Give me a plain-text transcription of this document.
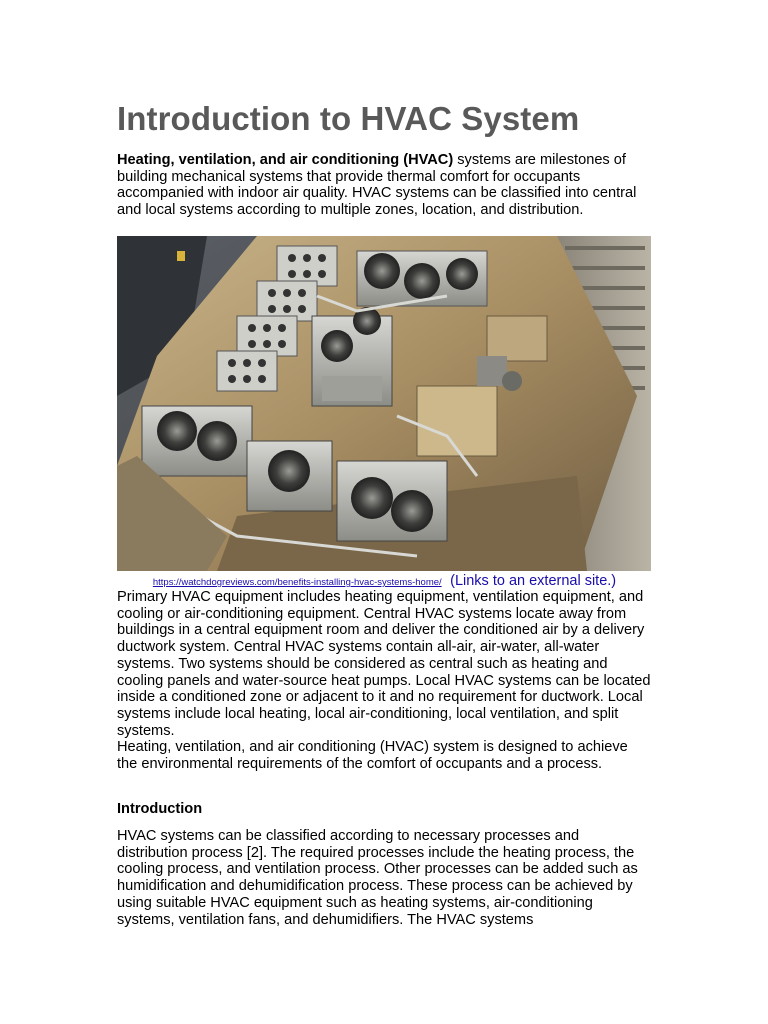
Introduction to HVAC System

Heating, ventilation, and air conditioning (HVAC) systems are milestones of building mechanical systems that provide thermal comfort for occupants accompanied with indoor air quality. HVAC systems can be classified into central and local systems according to multiple zones, location, and distribution.

https://watchdogreviews.com/benefits-installing-hvac-systems-home/ (Links to an external site.)

Primary HVAC equipment includes heating equipment, ventilation equipment, and cooling or air-conditioning equipment. Central HVAC systems locate away from buildings in a central equipment room and deliver the conditioned air by a delivery ductwork system. Central HVAC systems contain all-air, air-water, all-water systems. Two systems should be considered as central such as heating and cooling panels and water-source heat pumps. Local HVAC systems can be located inside a conditioned zone or adjacent to it and no requirement for ductwork. Local systems include local heating, local air-conditioning, local ventilation, and split systems.

Heating, ventilation, and air conditioning (HVAC) system is designed to achieve the environmental requirements of the comfort of occupants and a process.

Introduction

HVAC systems can be classified according to necessary processes and distribution process [2]. The required processes include the heating process, the cooling process, and ventilation process. Other processes can be added such as humidification and dehumidification process. These process can be achieved by using suitable HVAC equipment such as heating systems, air-conditioning systems, ventilation fans, and dehumidifiers. The HVAC systems
